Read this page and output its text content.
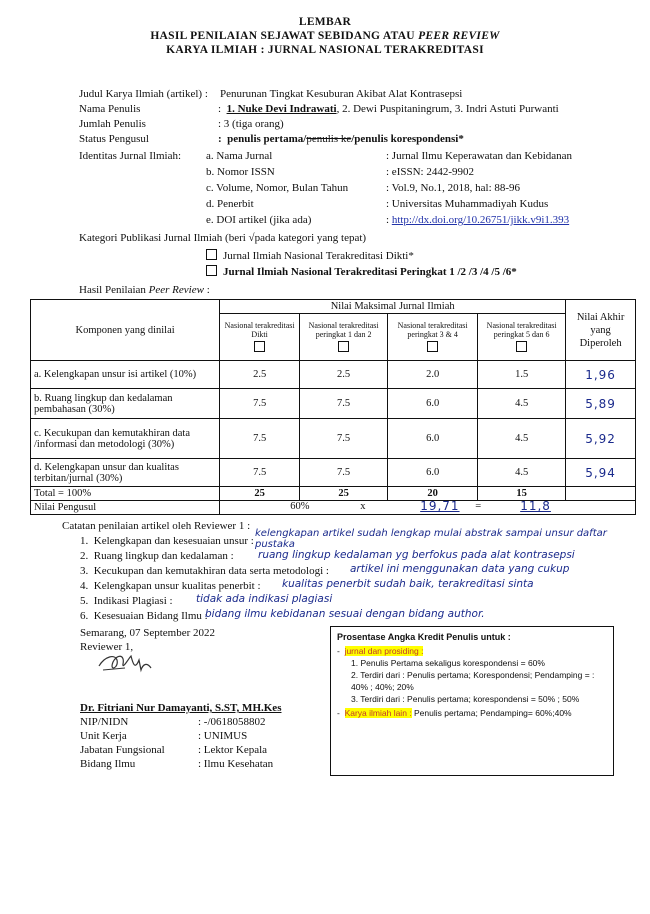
LEMBAR
HASIL PENILAIAN SEJAWAT SEBIDANG ATAU PEER REVIEW
KARYA ILMIAH : JURNAL NASIONAL TERAKREDITASI
Judul Karya Ilmiah (artikel) : Penurunan Tingkat Kesuburan Akibat Alat Kontrasepsi
Nama Penulis	: 1. Nuke Devi Indrawati, 2. Dewi Puspitaningrum, 3. Indri Astuti Purwanti
Jumlah Penulis	: 3 (tiga orang)
Status Pengusul	:  penulis pertama/penulis ke/penulis korespondensi*
Identitas Jurnal Ilmiah: a. Nama Jurnal	: Jurnal Ilmu Keperawatan dan Kebidanan
b. Nomor ISSN	: eISSN: 2442-9902
c. Volume, Nomor, Bulan Tahun	: Vol.9, No.1, 2018, hal: 88-96
d. Penerbit	: Universitas Muhammadiyah Kudus
e. DOI artikel (jika ada)	: http://dx.doi.org/10.26751/jikk.v9i1.393
Kategori Publikasi Jurnal Ilmiah (beri √pada kategori yang tepat)
Jurnal Ilmiah Nasional Terakreditasi Dikti*
Jurnal Ilmiah Nasional Terakreditasi Peringkat 1 /2 /3 /4 /5 /6*
Hasil Penilaian Peer Review :
Komponen yang dinilai	Nilai Maksimal Jurnal Ilmiah				Nilai Akhir yang Diperoleh

	Nasional terakreditasi Dikti	Nasional terakreditasi peringkat 1 dan 2	Nasional terakreditasi peringkat 3 & 4	Nasional terakreditasi peringkat 5 dan 6	

a. Kelengkapan unsur isi artikel (10%)	2.5	2.5	2.0	1.5	1,96
b. Ruang lingkup dan kedalaman pembahasan (30%)	7.5	7.5	6.0	4.5	5,89
c. Kecukupan dan kemutakhiran data /informasi dan metodologi (30%)	7.5	7.5	6.0	4.5	5,92
d. Kelengkapan unsur dan kualitas terbitan/jurnal (30%)	7.5	7.5	6.0	4.5	5,94
Total = 100%	25	25	20	15	
Nilai Pengusul	60% x 19,71 = 11,8				
Catatan penilaian artikel oleh Reviewer 1 :
1. Kelengkapan dan kesesuaian unsur :
kelengkapan artikel sudah lengkap mulai abstrak sampai unsur daftar pustaka
2. Ruang lingkup dan kedalaman : ruang lingkup kedalaman yg berfokus pada alat kontrasepsi
3. Kecukupan dan kemutakhiran data serta metodologi : artikel ini menggunakan data yang cukup
4. Kelengkapan unsur kualitas penerbit : kualitas penerbit sudah baik, terakreditasi sinta
5. Indikasi Plagiasi : tidak ada indikasi plagiasi
6. Kesesuaian Bidang Ilmu :
bidang ilmu kebidanan sesuai dengan bidang author.
Semarang, 07 September 2022
Reviewer 1,
Dr. Fitriani Nur Damayanti, S.ST, MH.Kes
NIP/NIDN	: -/0618058802
Unit Kerja	: UNIMUS
Jabatan Fungsional	: Lektor Kepala
Bidang Ilmu	: Ilmu Kesehatan
Prosentase Angka Kredit Penulis untuk :
-  jurnal dan prosiding :
1. Penulis Pertama sekaligus korespondensi = 60%
2. Terdiri dari : Penulis pertama; Korespondensi; Pendamping = : 40% ; 40%; 20%
3. Terdiri dari : Penulis pertama; korespondensi = 50% ; 50%
-  Karya ilmiah lain : Penulis pertama; Pendamping= 60%;40%
